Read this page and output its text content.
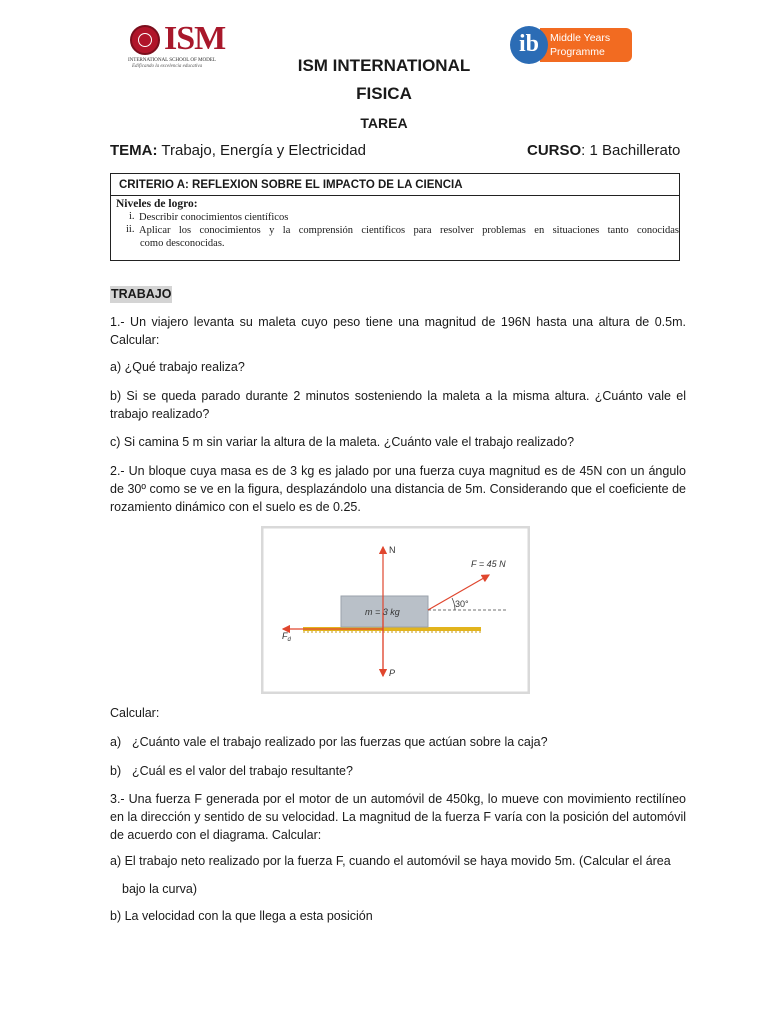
ISM
INTERNATIONAL SCHOOL OF MODEL
Edificando la excelencia educativa
Middle Years
Programme
ib
ISM INTERNATIONAL
FISICA
TAREA
TEMA: Trabajo, Energía y Electricidad	CURSO: 1 Bachillerato
CRITERIO A: REFLEXION SOBRE EL IMPACTO DE LA CIENCIA
Niveles de logro:
i. Describir conocimientos científicos
ii. Aplicar los conocimientos y la comprensión científicos para resolver problemas en situaciones tanto conocidas
como desconocidas.
TRABAJO

1.- Un viajero levanta su maleta cuyo peso tiene una magnitud de 196N hasta una altura de 0.5m. Calcular:

a) ¿Qué trabajo realiza?

b) Si se queda parado durante 2 minutos sosteniendo la maleta a la misma altura. ¿Cuánto vale el trabajo realizado?

c) Si camina 5 m sin variar la altura de la maleta. ¿Cuánto vale el trabajo realizado?

2.- Un bloque cuya masa es de 3 kg es jalado por una fuerza cuya magnitud es de 45N con un ángulo de 30º como se ve en la figura, desplazándolo una distancia de 5m. Considerando que el coeficiente de rozamiento dinámico con el suelo es de 0.25.

N
F = 45 N
30°
m = 3 kg
$F_d$
P

Calcular:

a) ¿Cuánto vale el trabajo realizado por las fuerzas que actúan sobre la caja?

b) ¿Cuál es el valor del trabajo resultante?

3.- Una fuerza F generada por el motor de un automóvil de 450kg, lo mueve con movimiento rectilíneo en la dirección y sentido de su velocidad. La magnitud de la fuerza F varía con la posición del automóvil de acuerdo con el diagrama. Calcular:

a) El trabajo neto realizado por la fuerza F, cuando el automóvil se haya movido 5m. (Calcular el área

bajo la curva)

b) La velocidad con la que llega a esta posición
